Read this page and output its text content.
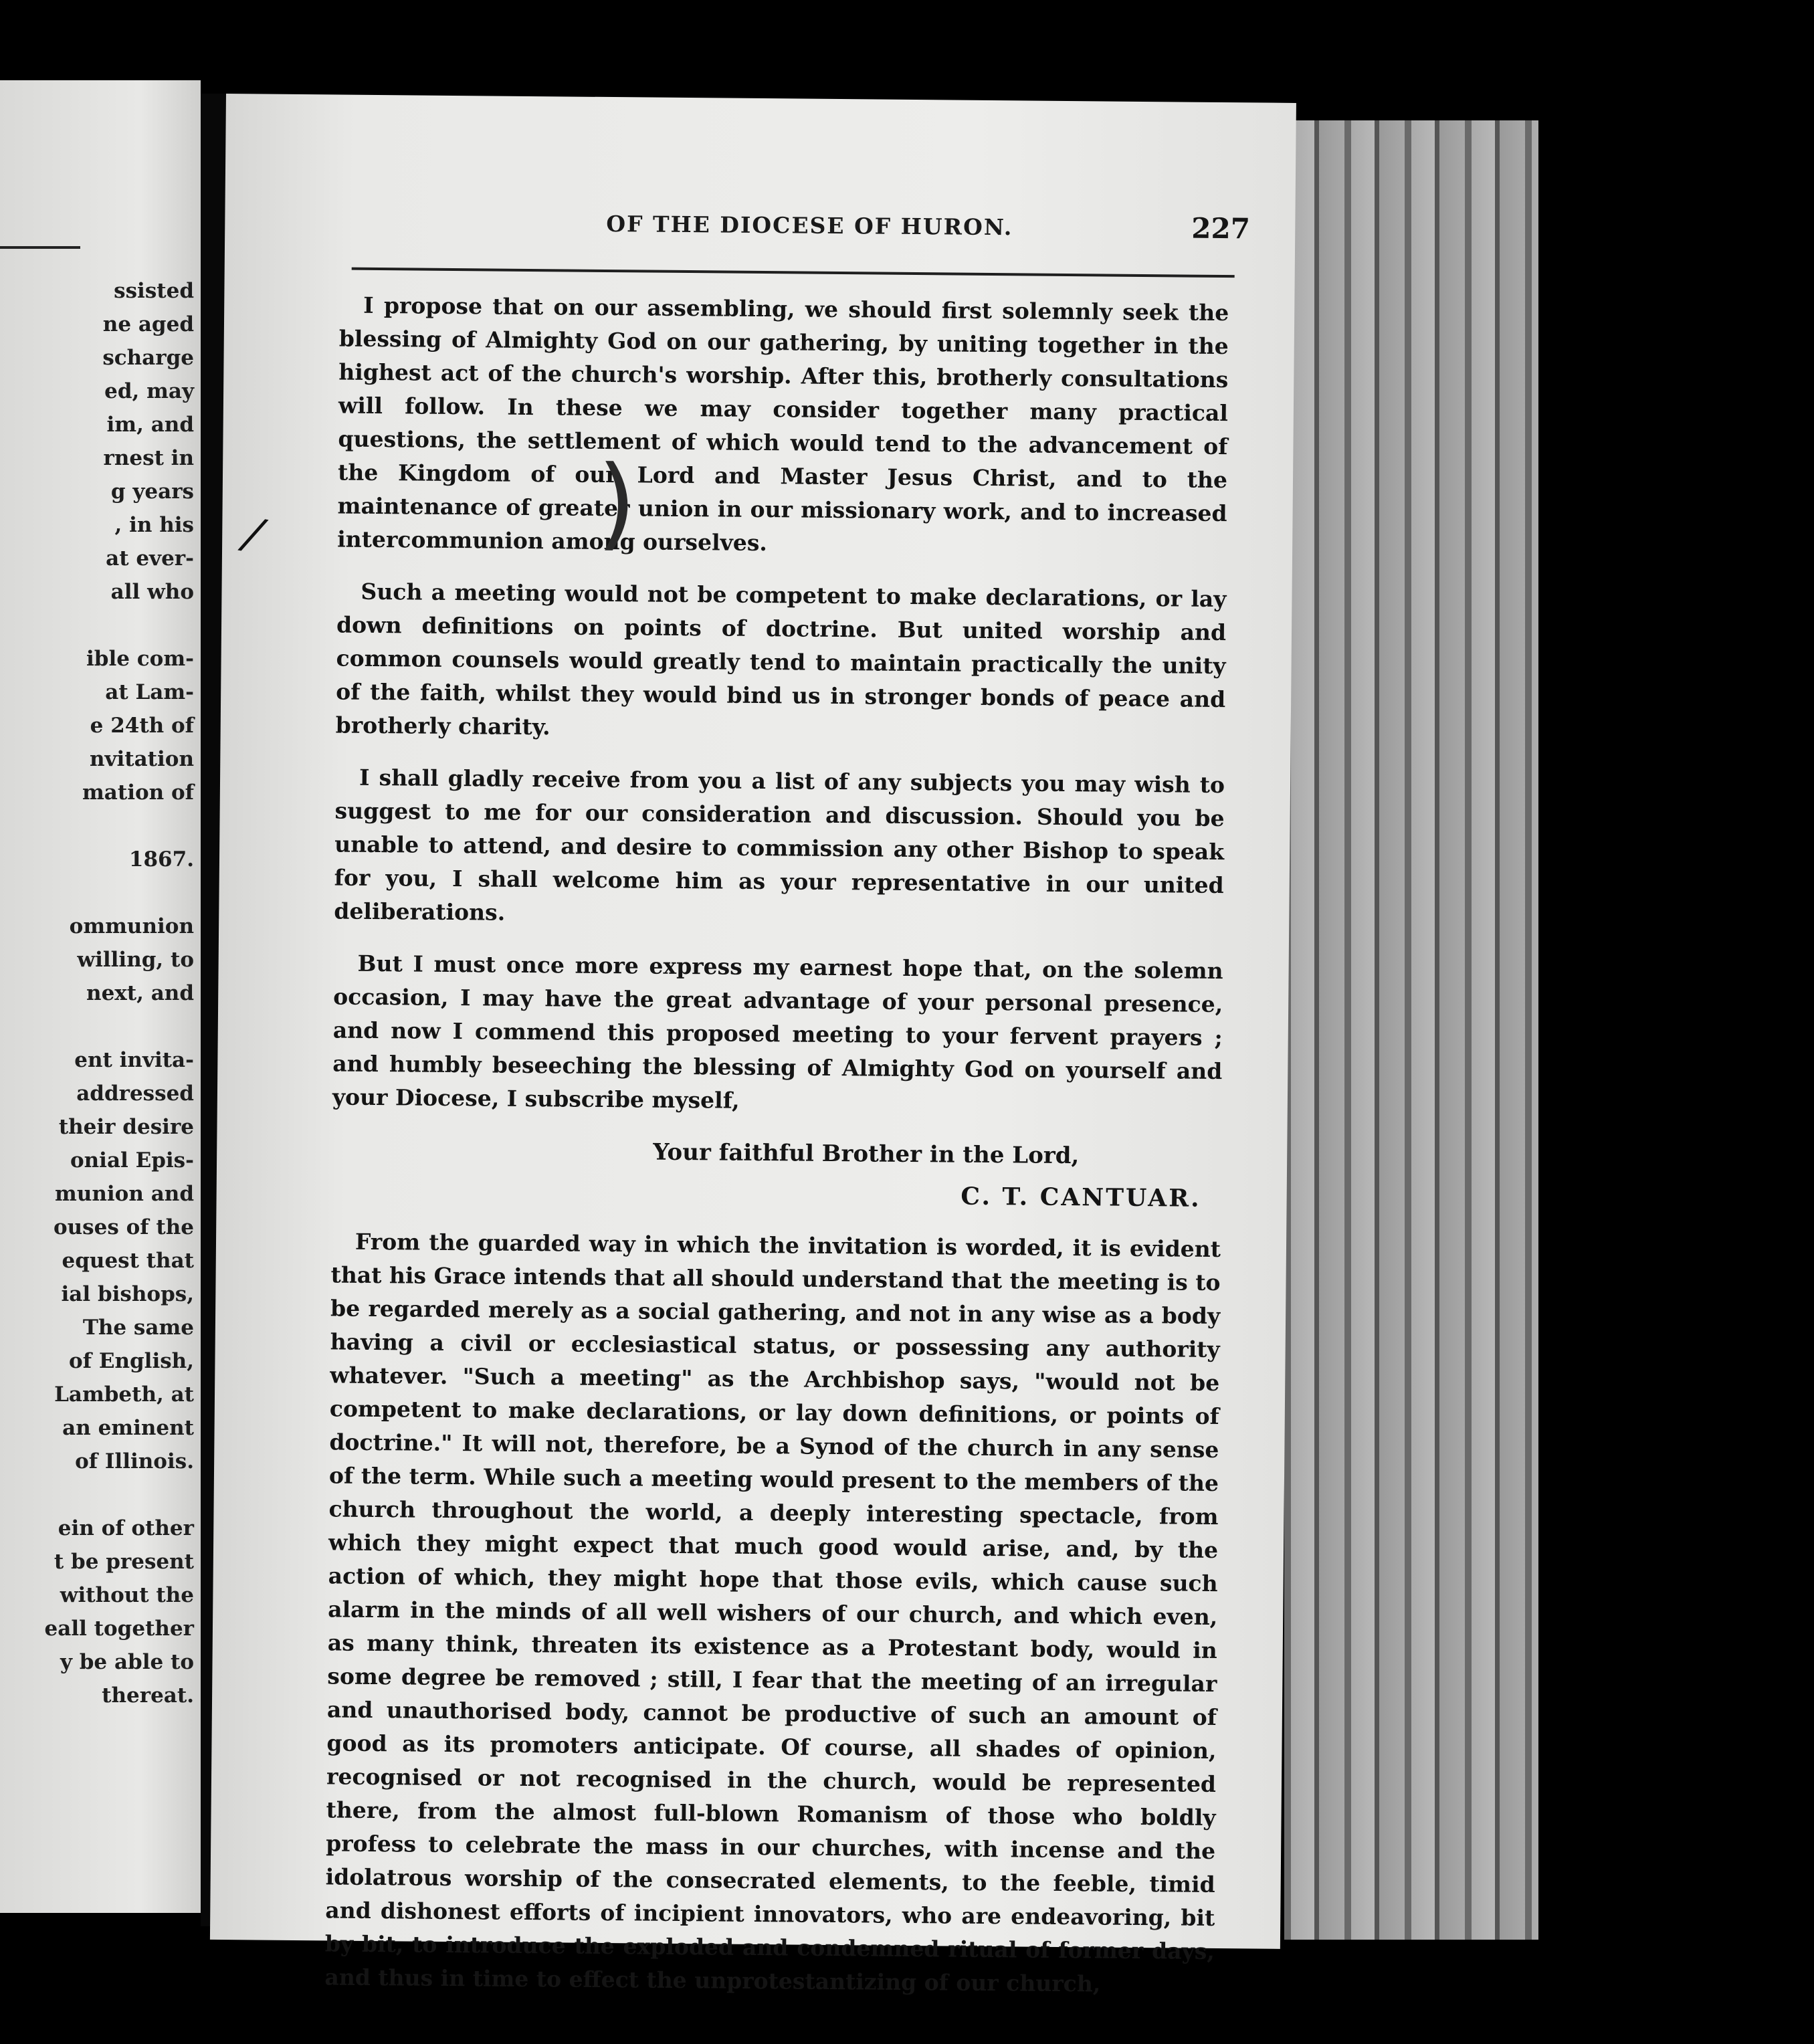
ssisted
ne aged
scharge
ed, may
im, and
rnest in
g years
, in his
at ever-
all who
ible com-
at Lam-
e 24th of
nvitation
mation of
1867.
ommunion
willing, to
next, and
ent invita-
addressed
their desire
onial Epis-
munion and
ouses of the
equest that
ial bishops,
The same
of English,
Lambeth, at
an eminent
of Illinois.
ein of other
t be present
without the
eall together
y be able to
thereat.
OF THE DIOCESE OF HURON.	227

I propose that on our assembling, we should first solemnly seek the blessing of Almighty God on our gathering, by uniting together in the highest act of the church's worship. After this, brotherly consultations will follow. In these we may consider together many practical questions, the settlement of which would tend to the advancement of the Kingdom of our Lord and Master Jesus Christ, and to the maintenance of greater union in our missionary work, and to increased intercommunion among ourselves.

Such a meeting would not be competent to make declarations, or lay down definitions on points of doctrine. But united worship and common counsels would greatly tend to maintain practically the unity of the faith, whilst they would bind us in stronger bonds of peace and brotherly charity.

I shall gladly receive from you a list of any subjects you may wish to suggest to me for our consideration and discussion. Should you be unable to attend, and desire to commission any other Bishop to speak for you, I shall welcome him as your representative in our united deliberations.

But I must once more express my earnest hope that, on the solemn occasion, I may have the great advantage of your personal presence, and now I commend this proposed meeting to your fervent prayers ; and humbly beseeching the blessing of Almighty God on yourself and your Diocese, I subscribe myself,

Your faithful Brother in the Lord,
C. T. CANTUAR.

From the guarded way in which the invitation is worded, it is evident that his Grace intends that all should understand that the meeting is to be regarded merely as a social gathering, and not in any wise as a body having a civil or ecclesiastical status, or possessing any authority whatever. "Such a meeting" as the Archbishop says, "would not be competent to make declarations, or lay down definitions, or points of doctrine." It will not, therefore, be a Synod of the church in any sense of the term. While such a meeting would present to the members of the church throughout the world, a deeply interesting spectacle, from which they might expect that much good would arise, and, by the action of which, they might hope that those evils, which cause such alarm in the minds of all well wishers of our church, and which even, as many think, threaten its existence as a Protestant body, would in some degree be removed ; still, I fear that the meeting of an irregular and unauthorised body, cannot be productive of such an amount of good as its promoters anticipate. Of course, all shades of opinion, recognised or not recognised in the church, would be represented there, from the almost full-blown Romanism of those who boldly profess to celebrate the mass in our churches, with incense and the idolatrous worship of the consecrated elements, to the feeble, timid and dishonest efforts of incipient innovators, who are endeavoring, bit by bit, to introduce the exploded and condemned ritual of former days, and thus in time to effect the unprotestantizing of our church,

⁄	)
